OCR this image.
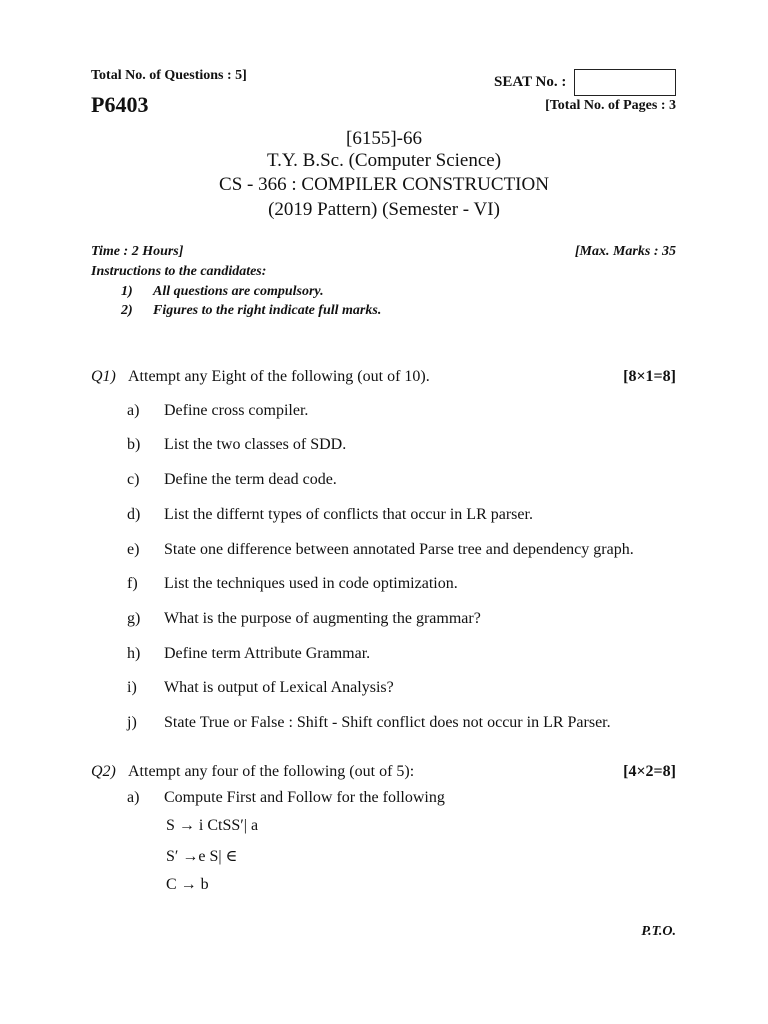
Total No. of Questions : 5]	SEAT No. :
P6403	[Total No. of Pages : 3
[6155]-66
T.Y. B.Sc. (Computer Science)
CS - 366 : COMPILER CONSTRUCTION
(2019 Pattern) (Semester - VI)
Time : 2 Hours]	[Max. Marks : 35
Instructions to the candidates:
1) All questions are compulsory.
2) Figures to the right indicate full marks.
Q1) Attempt any Eight of the following (out of 10).	[8×1=8]
a) Define cross compiler.
b) List the two classes of SDD.
c) Define the term dead code.
d) List the differnt types of conflicts that occur in LR parser.
e) State one difference between annotated Parse tree and dependency graph.
f) List the techniques used in code optimization.
g) What is the purpose of augmenting the grammar?
h) Define term Attribute Grammar.
i) What is output of Lexical Analysis?
j) State True or False : Shift - Shift conflict does not occur in LR Parser.
Q2) Attempt any four of the following (out of 5):	[4×2=8]
a) Compute First and Follow for the following
S → i CtSS′| a
S′ →e S| ∈
C → b
P.T.O.
